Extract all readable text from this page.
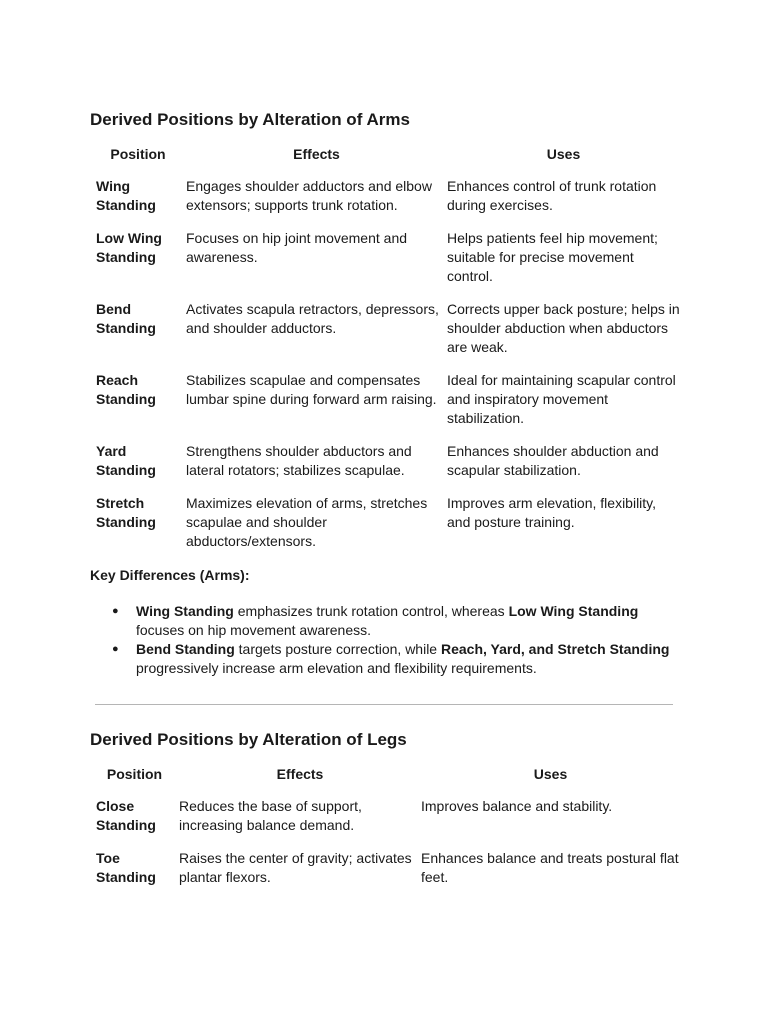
Derived Positions by Alteration of Arms
Position	Effects	Uses
Wing Standing	Engages shoulder adductors and elbow extensors; supports trunk rotation.	Enhances control of trunk rotation during exercises.
Low Wing Standing	Focuses on hip joint movement and awareness.	Helps patients feel hip movement; suitable for precise movement control.
Bend Standing	Activates scapula retractors, depressors, and shoulder adductors.	Corrects upper back posture; helps in shoulder abduction when abductors are weak.
Reach Standing	Stabilizes scapulae and compensates lumbar spine during forward arm raising.	Ideal for maintaining scapular control and inspiratory movement stabilization.
Yard Standing	Strengthens shoulder abductors and lateral rotators; stabilizes scapulae.	Enhances shoulder abduction and scapular stabilization.
Stretch Standing	Maximizes elevation of arms, stretches scapulae and shoulder abductors/extensors.	Improves arm elevation, flexibility, and posture training.

Key Differences (Arms):

● Wing Standing emphasizes trunk rotation control, whereas Low Wing Standing focuses on hip movement awareness.
● Bend Standing targets posture correction, while Reach, Yard, and Stretch Standing progressively increase arm elevation and flexibility requirements.
Derived Positions by Alteration of Legs
Position	Effects	Uses
Close Standing	Reduces the base of support, increasing balance demand.	Improves balance and stability.
Toe Standing	Raises the center of gravity; activates plantar flexors.	Enhances balance and treats postural flat feet.
